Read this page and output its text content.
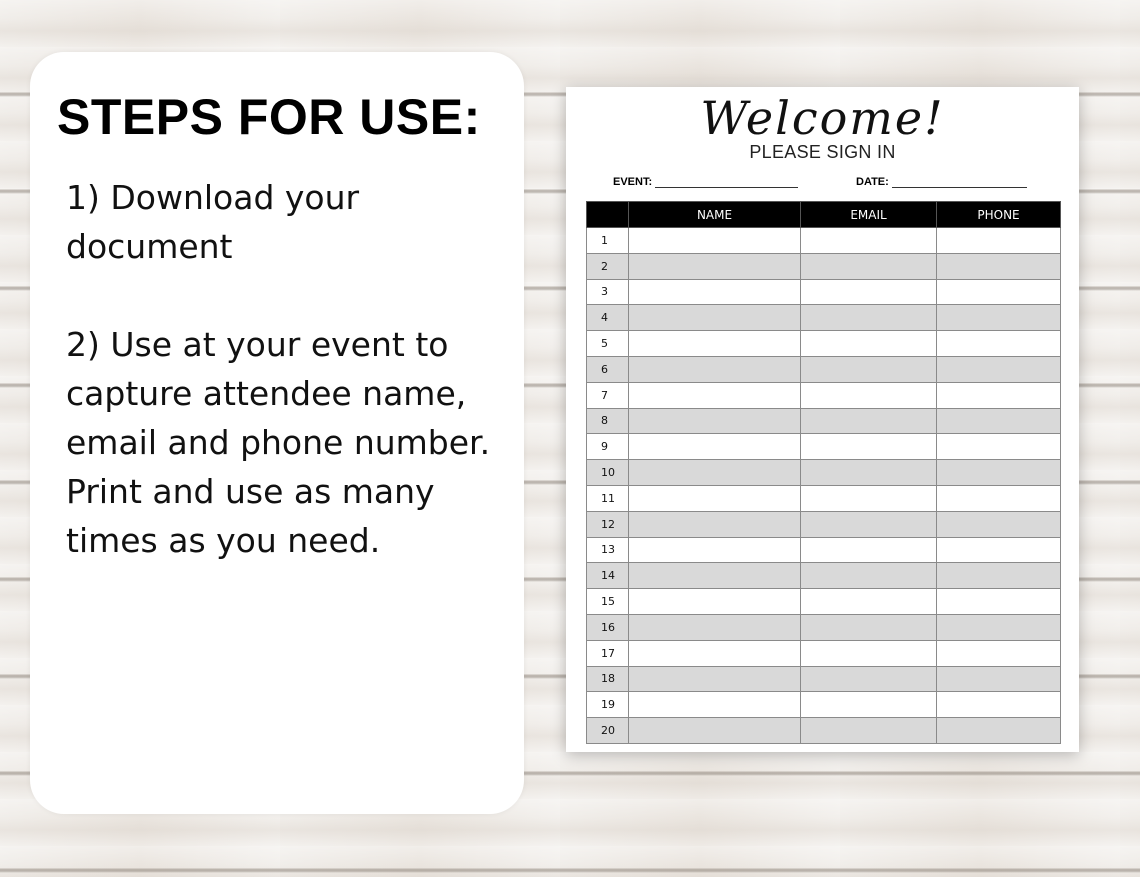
STEPS FOR USE:

1) Download your document

2) Use at your event to capture attendee name, email and phone number. Print and use as many times as you need.

Welcome!
PLEASE SIGN IN
EVENT:	DATE:
	NAME	EMAIL	PHONE
1			
2			
3			
4			
5			
6			
7			
8			
9			
10			
11			
12			
13			
14			
15			
16			
17			
18			
19			
20			
